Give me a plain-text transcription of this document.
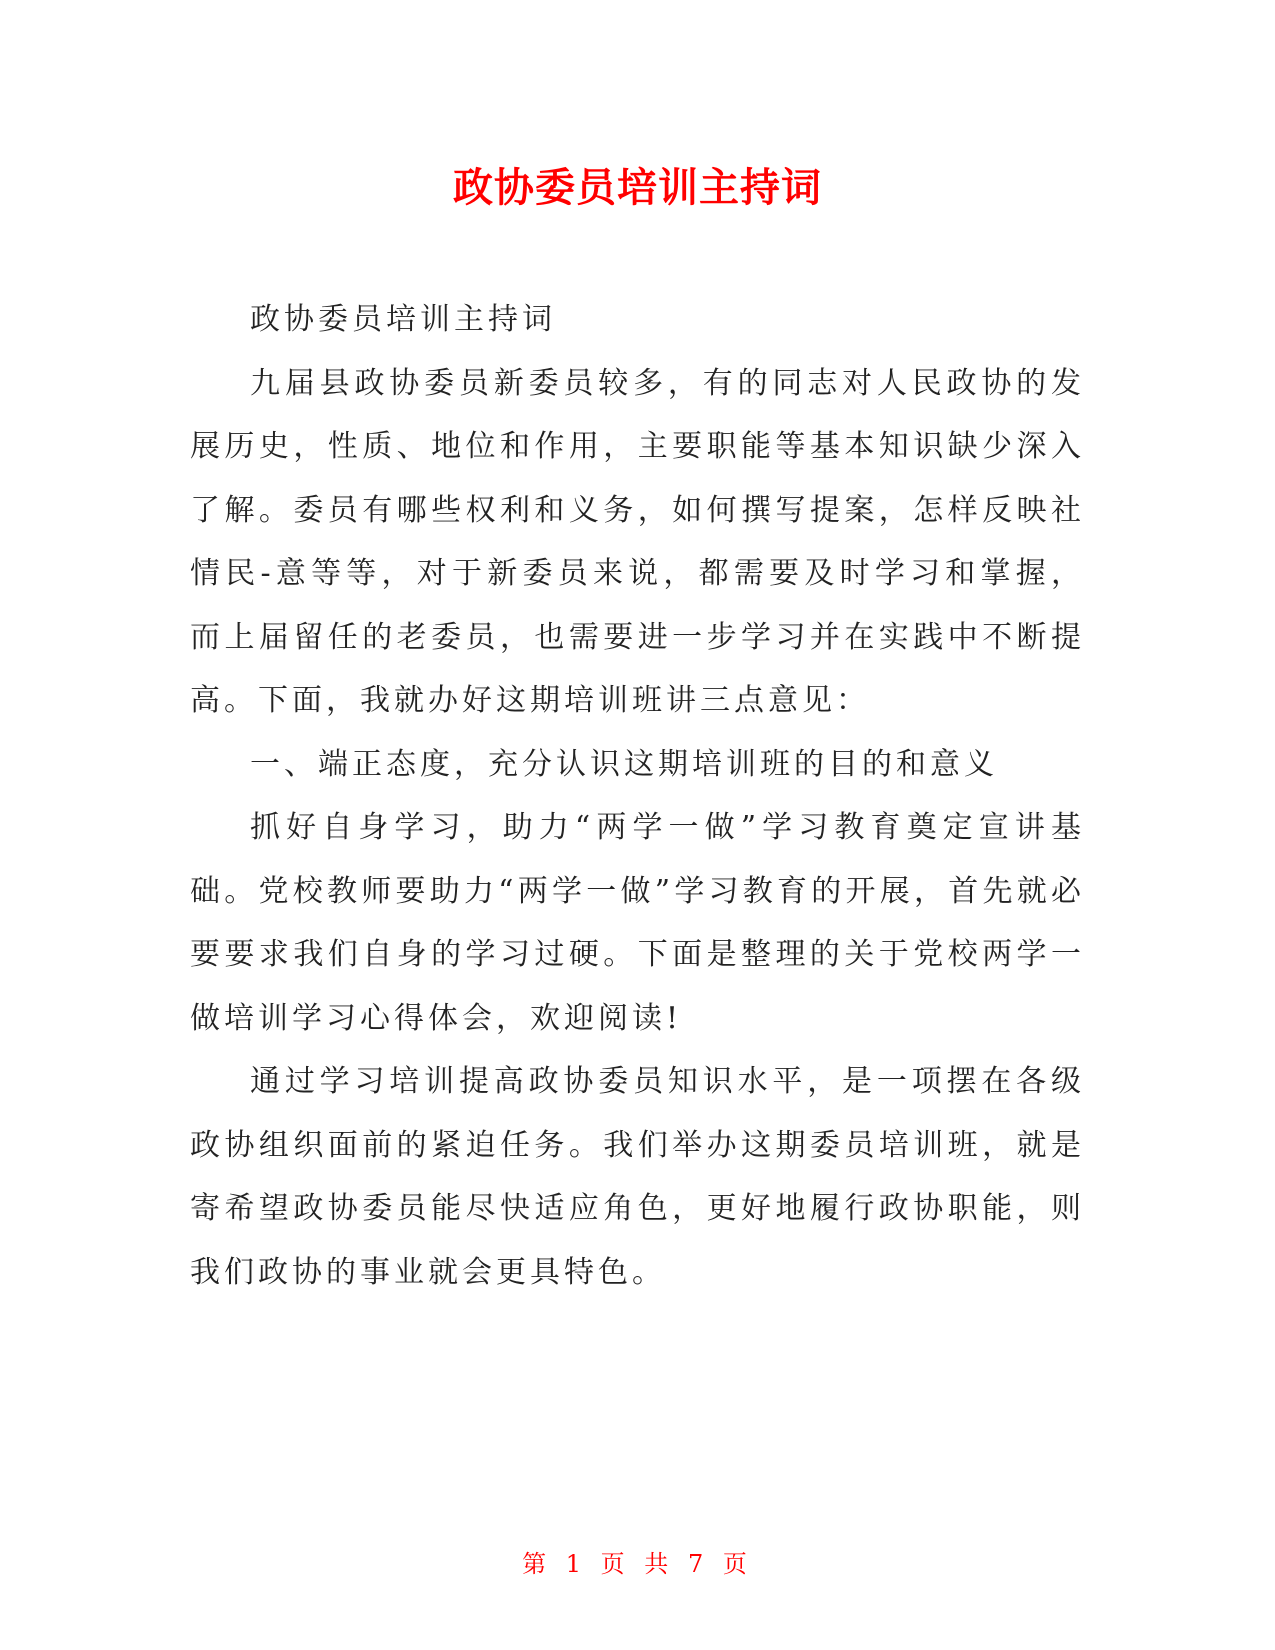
政协委员培训主持词

政协委员培训主持词

九届县政协委员新委员较多，有的同志对人民政协的发展历史，性质、地位和作用，主要职能等基本知识缺少深入了解。委员有哪些权利和义务，如何撰写提案，怎样反映社情民-意等等，对于新委员来说，都需要及时学习和掌握，而上届留任的老委员，也需要进一步学习并在实践中不断提高。下面，我就办好这期培训班讲三点意见：

一、端正态度，充分认识这期培训班的目的和意义

抓好自身学习，助力“两学一做”学习教育奠定宣讲基础。党校教师要助力“两学一做”学习教育的开展，首先就必要要求我们自身的学习过硬。下面是整理的关于党校两学一做培训学习心得体会，欢迎阅读!

通过学习培训提高政协委员知识水平，是一项摆在各级政协组织面前的紧迫任务。我们举办这期委员培训班，就是寄希望政协委员能尽快适应角色，更好地履行政协职能，则我们政协的事业就会更具特色。

第 1 页 共 7 页
